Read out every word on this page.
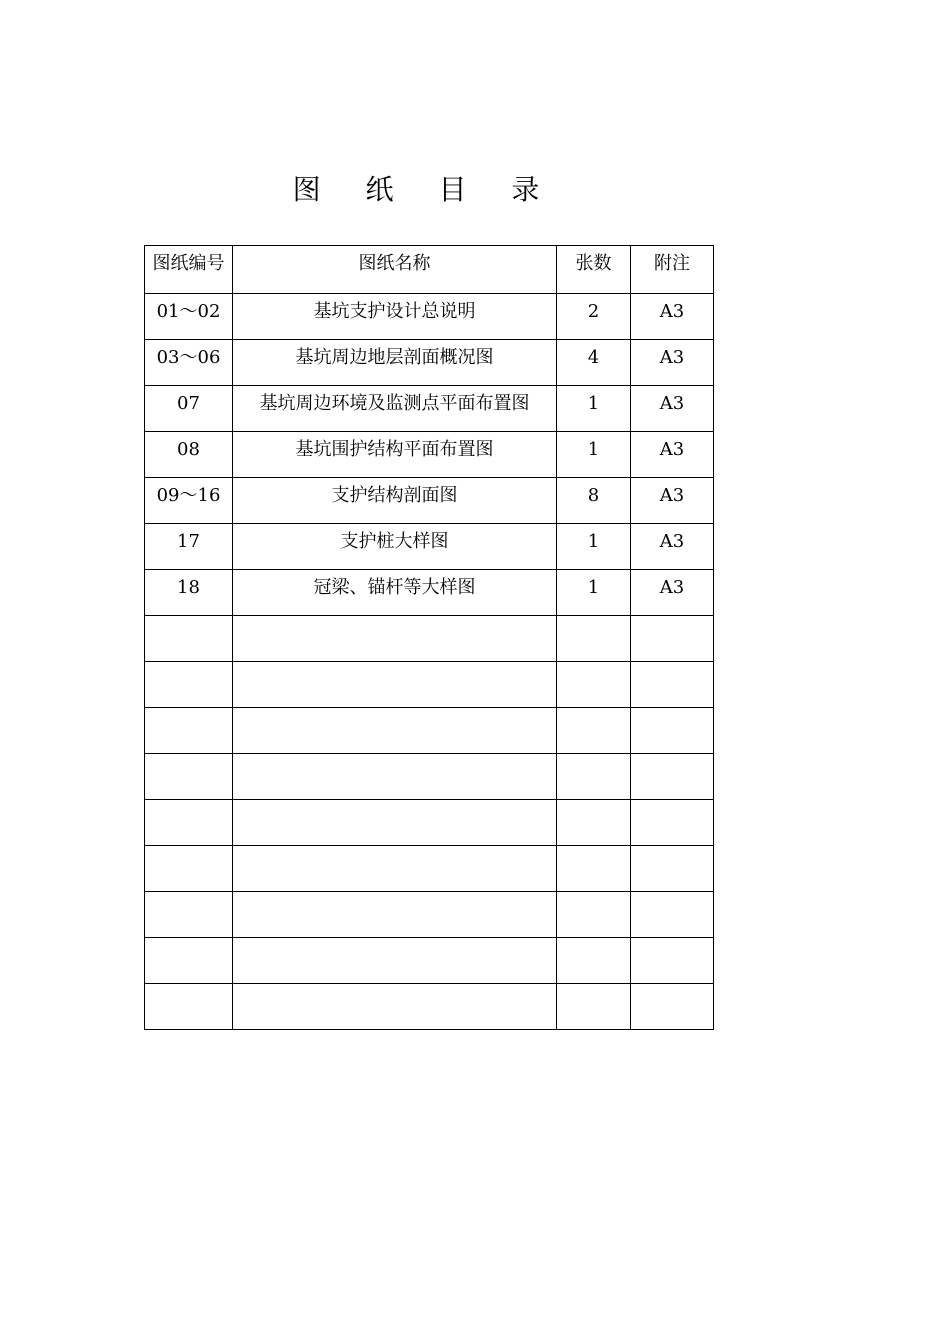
图 纸 目 录
图纸编号	图纸名称	张数	附注
01～02	基坑支护设计总说明	2	A3
03～06	基坑周边地层剖面概况图	4	A3
07	基坑周边环境及监测点平面布置图	1	A3
08	基坑围护结构平面布置图	1	A3
09～16	支护结构剖面图	8	A3
17	支护桩大样图	1	A3
18	冠梁、锚杆等大样图	1	A3
